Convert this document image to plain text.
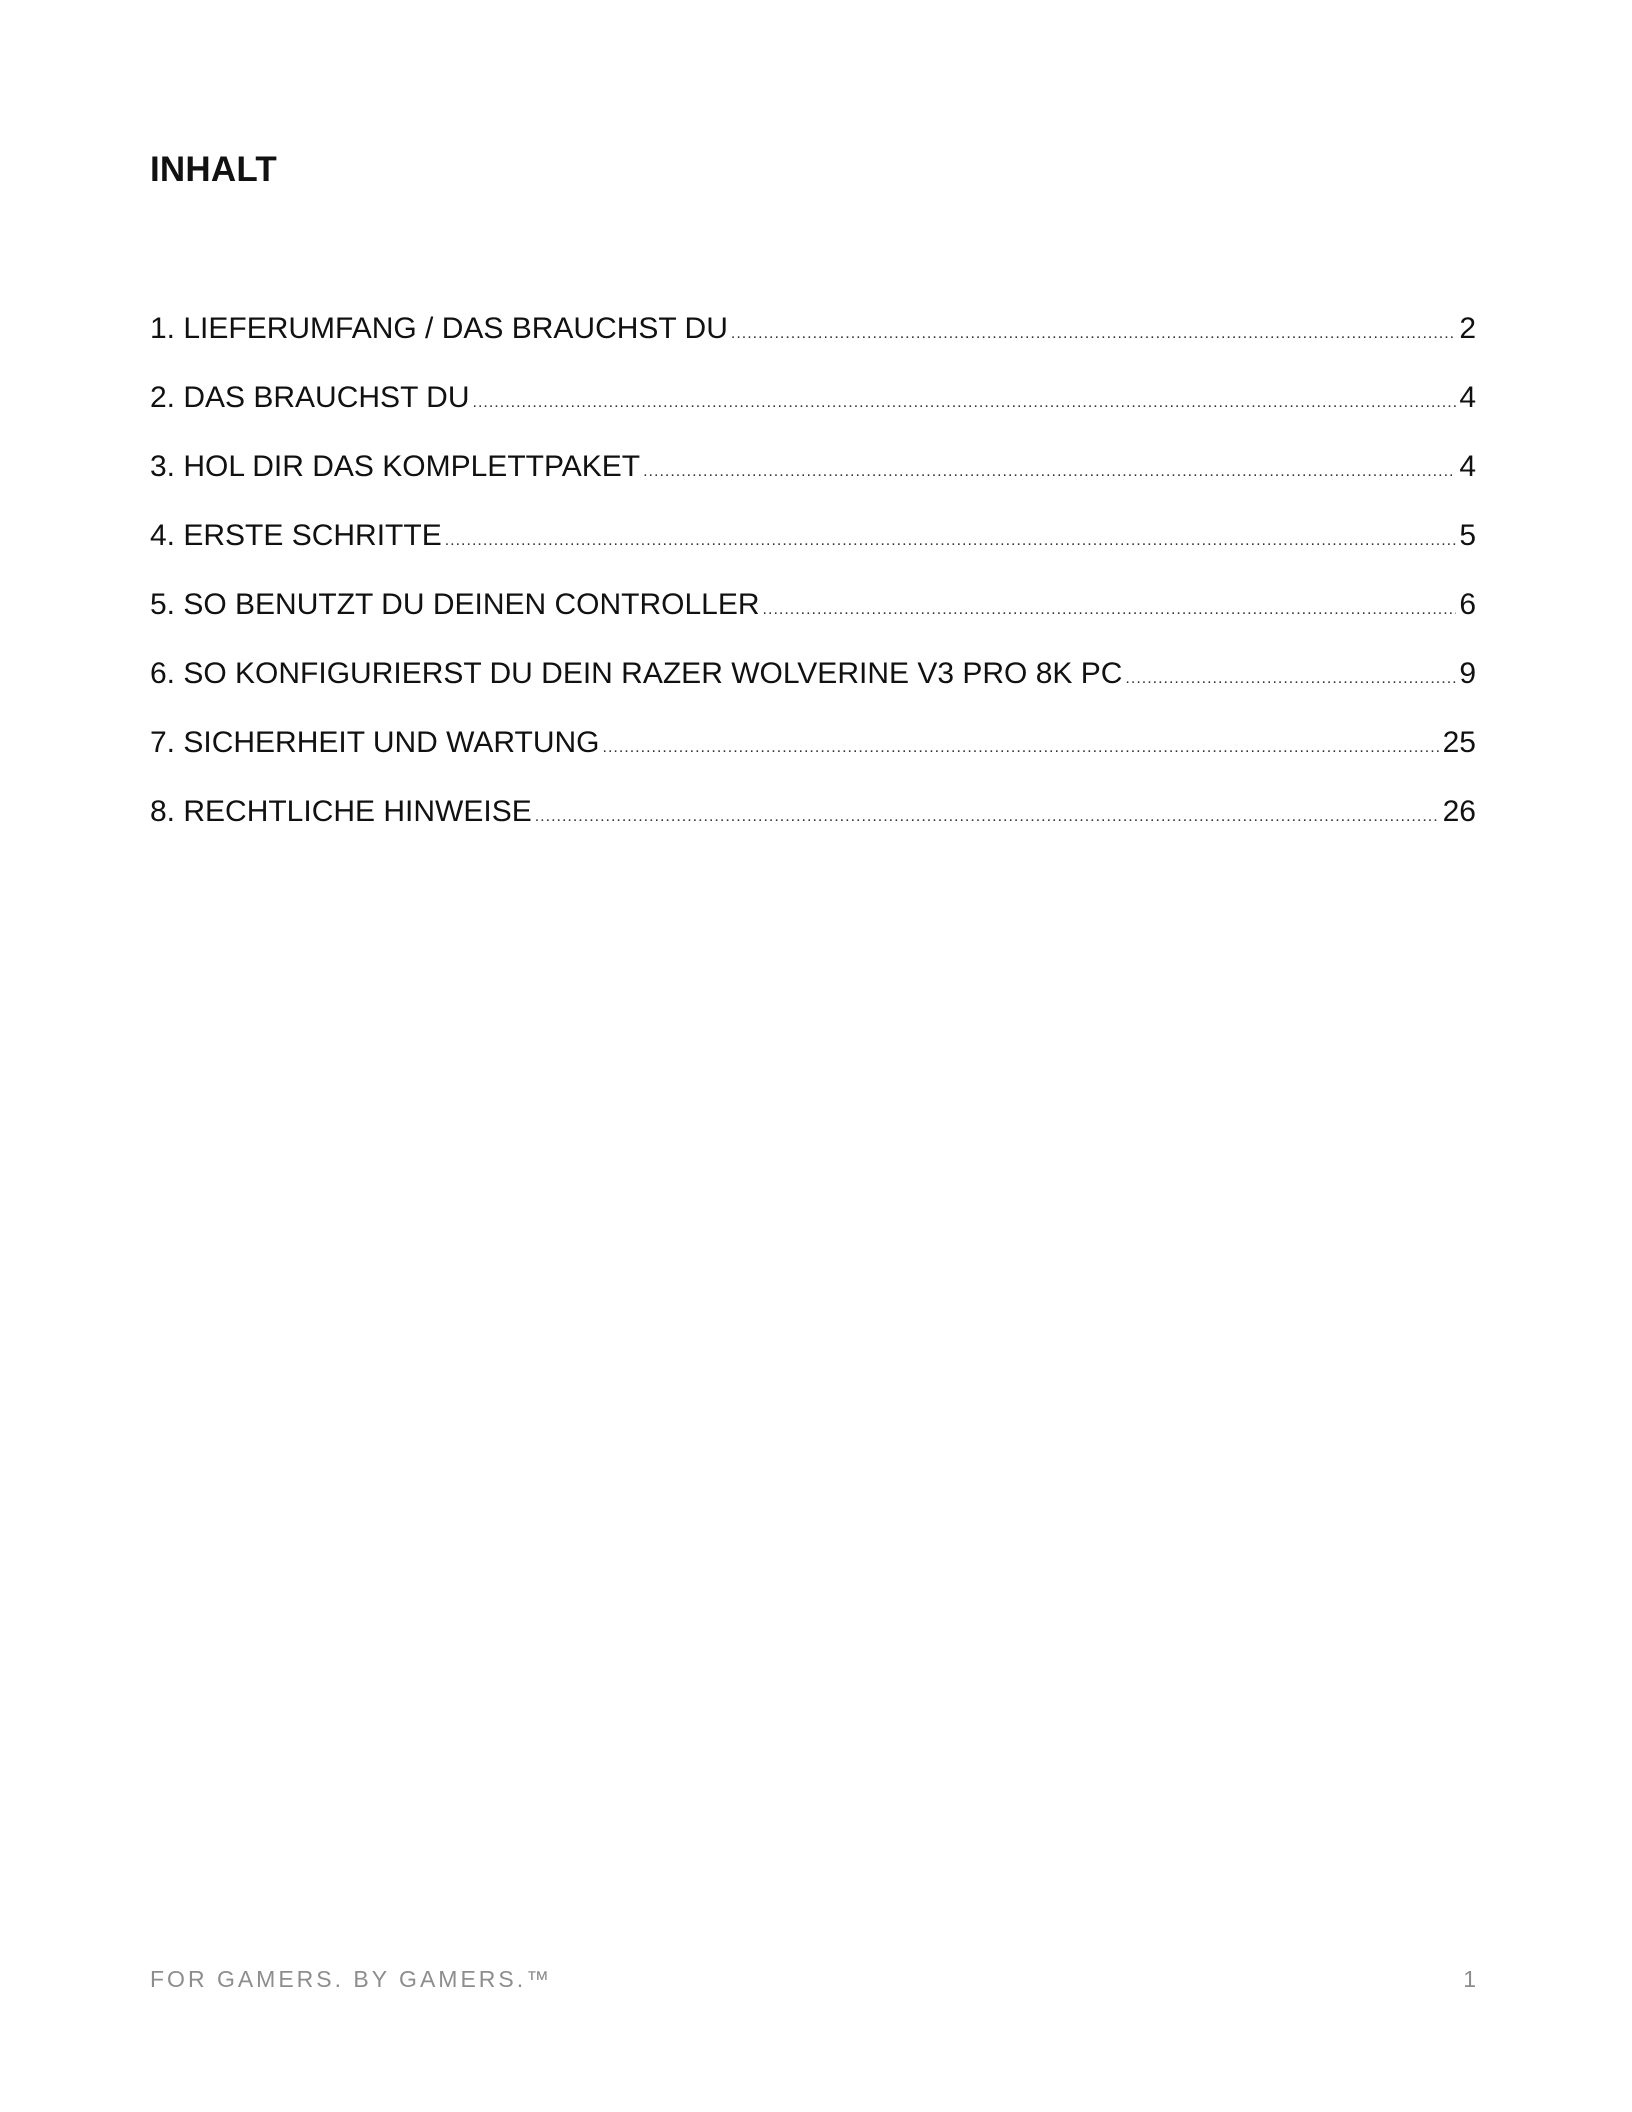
INHALT
1. LIEFERUMFANG / DAS BRAUCHST DU .....	2
2. DAS BRAUCHST DU .....	4
3. HOL DIR DAS KOMPLETTPAKET .....	4
4. ERSTE SCHRITTE .....	5
5. SO BENUTZT DU DEINEN CONTROLLER .....	6
6. SO KONFIGURIERST DU DEIN RAZER WOLVERINE V3 PRO 8K PC .....	9
7. SICHERHEIT UND WARTUNG .....	25
8. RECHTLICHE HINWEISE .....	26
FOR GAMERS. BY GAMERS.™	1
